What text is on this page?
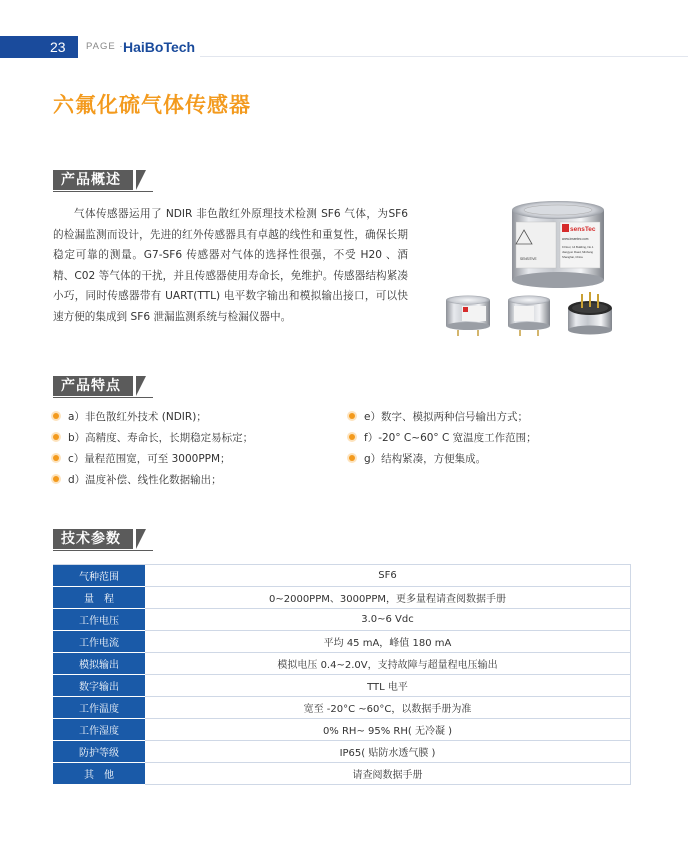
23 PAGE · HaiBoTech
六氟化硫气体传感器
产品概述

气体传感器运用了 NDIR 非色散红外原理技术检测 SF6 气体，为SF6 的检漏监测而设计，先进的红外传感器具有卓越的线性和重复性，确保长期稳定可靠的测量。G7-SF6 传感器对气体的选择性很强，不受 H20 、酒精、C02 等气体的干扰，并且传感器使用寿命长，免维护。传感器结构紧凑小巧，同时传感器带有 UART(TTL) 电平数字输出和模拟输出接口，可以快速方便的集成到 SF6 泄漏监测系统与检漏仪器中。

sensTec
www.insentec.com
9 Floor, 14 Building, No.1
Jiangyun Road, Minhang
Shanghai, China
SENSITIVE
产品特点
a）非色散红外技术 (NDIR)；
b）高精度、寿命长，长期稳定易标定；
c）量程范围宽，可至 3000PPM；
d）温度补偿、线性化数据输出；
e）数字、模拟两种信号输出方式；
f）-20° C~60° C 宽温度工作范围；
g）结构紧凑，方便集成。
技术参数
气种范围	SF6
量　程	0~2000PPM、3000PPM，更多量程请查阅数据手册
工作电压	3.0~6 Vdc
工作电流	平均 45 mA，峰值 180 mA
模拟输出	模拟电压 0.4~2.0V，支持故障与超量程电压输出
数字输出	TTL 电平
工作温度	宽至 -20°C ~60°C，以数据手册为准
工作湿度	0% RH~ 95% RH( 无冷凝 )
防护等级	IP65( 贴防水透气膜 )
其　他	请查阅数据手册
